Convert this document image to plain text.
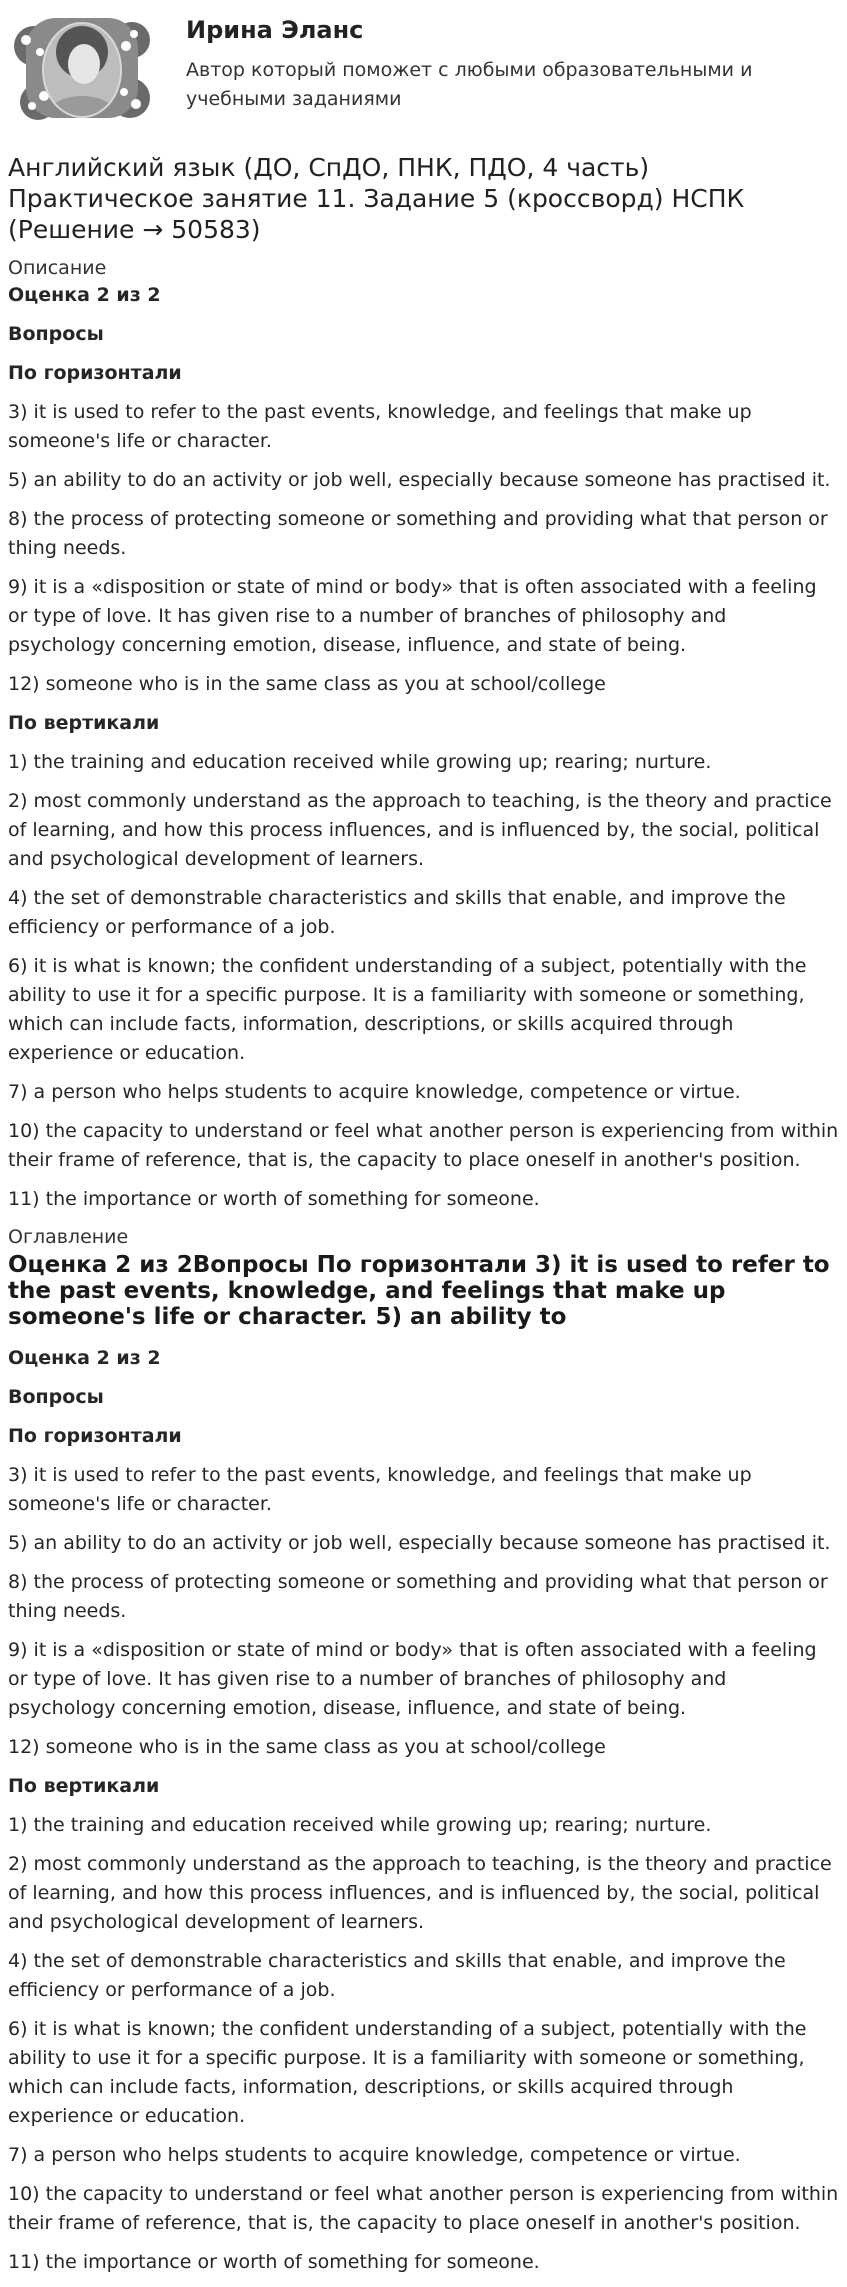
Ирина Эланс
Автор который поможет с любыми образовательными и учебными заданиями
Английский язык (ДО, СпДО, ПНК, ПДО, 4 часть) Практическое занятие 11. Задание 5 (кроссворд) НСПК (Решение → 50583)
Описание

Оценка 2 из 2

Вопросы

По горизонтали

3) it is used to refer to the past events, knowledge, and feelings that make up someone's life or character.

5) an ability to do an activity or job well, especially because someone has practised it.

8) the process of protecting someone or something and providing what that person or thing needs.

9) it is a «disposition or state of mind or body» that is often associated with a feeling or type of love. It has given rise to a number of branches of philosophy and psychology concerning emotion, disease, influence, and state of being.

12) someone who is in the same class as you at school/college

По вертикали

1) the training and education received while growing up; rearing; nurture.

2) most commonly understand as the approach to teaching, is the theory and practice of learning, and how this process influences, and is influenced by, the social, political and psychological development of learners.

4) the set of demonstrable characteristics and skills that enable, and improve the efficiency or performance of a job.

6) it is what is known; the confident understanding of a subject, potentially with the ability to use it for a specific purpose. It is a familiarity with someone or something, which can include facts, information, descriptions, or skills acquired through experience or education.

7) a person who helps students to acquire knowledge, competence or virtue.

10) the capacity to understand or feel what another person is experiencing from within their frame of reference, that is, the capacity to place oneself in another's position.

11) the importance or worth of something for someone.

Оглавление
Оценка 2 из 2Вопросы По горизонтали 3) it is used to refer to the past events, knowledge, and feelings that make up someone's life or character. 5) an ability to

Оценка 2 из 2

Вопросы

По горизонтали

3) it is used to refer to the past events, knowledge, and feelings that make up someone's life or character.

5) an ability to do an activity or job well, especially because someone has practised it.

8) the process of protecting someone or something and providing what that person or thing needs.

9) it is a «disposition or state of mind or body» that is often associated with a feeling or type of love. It has given rise to a number of branches of philosophy and psychology concerning emotion, disease, influence, and state of being.

12) someone who is in the same class as you at school/college

По вертикали

1) the training and education received while growing up; rearing; nurture.

2) most commonly understand as the approach to teaching, is the theory and practice of learning, and how this process influences, and is influenced by, the social, political and psychological development of learners.

4) the set of demonstrable characteristics and skills that enable, and improve the efficiency or performance of a job.

6) it is what is known; the confident understanding of a subject, potentially with the ability to use it for a specific purpose. It is a familiarity with someone or something, which can include facts, information, descriptions, or skills acquired through experience or education.

7) a person who helps students to acquire knowledge, competence or virtue.

10) the capacity to understand or feel what another person is experiencing from within their frame of reference, that is, the capacity to place oneself in another's position.

11) the importance or worth of something for someone.
